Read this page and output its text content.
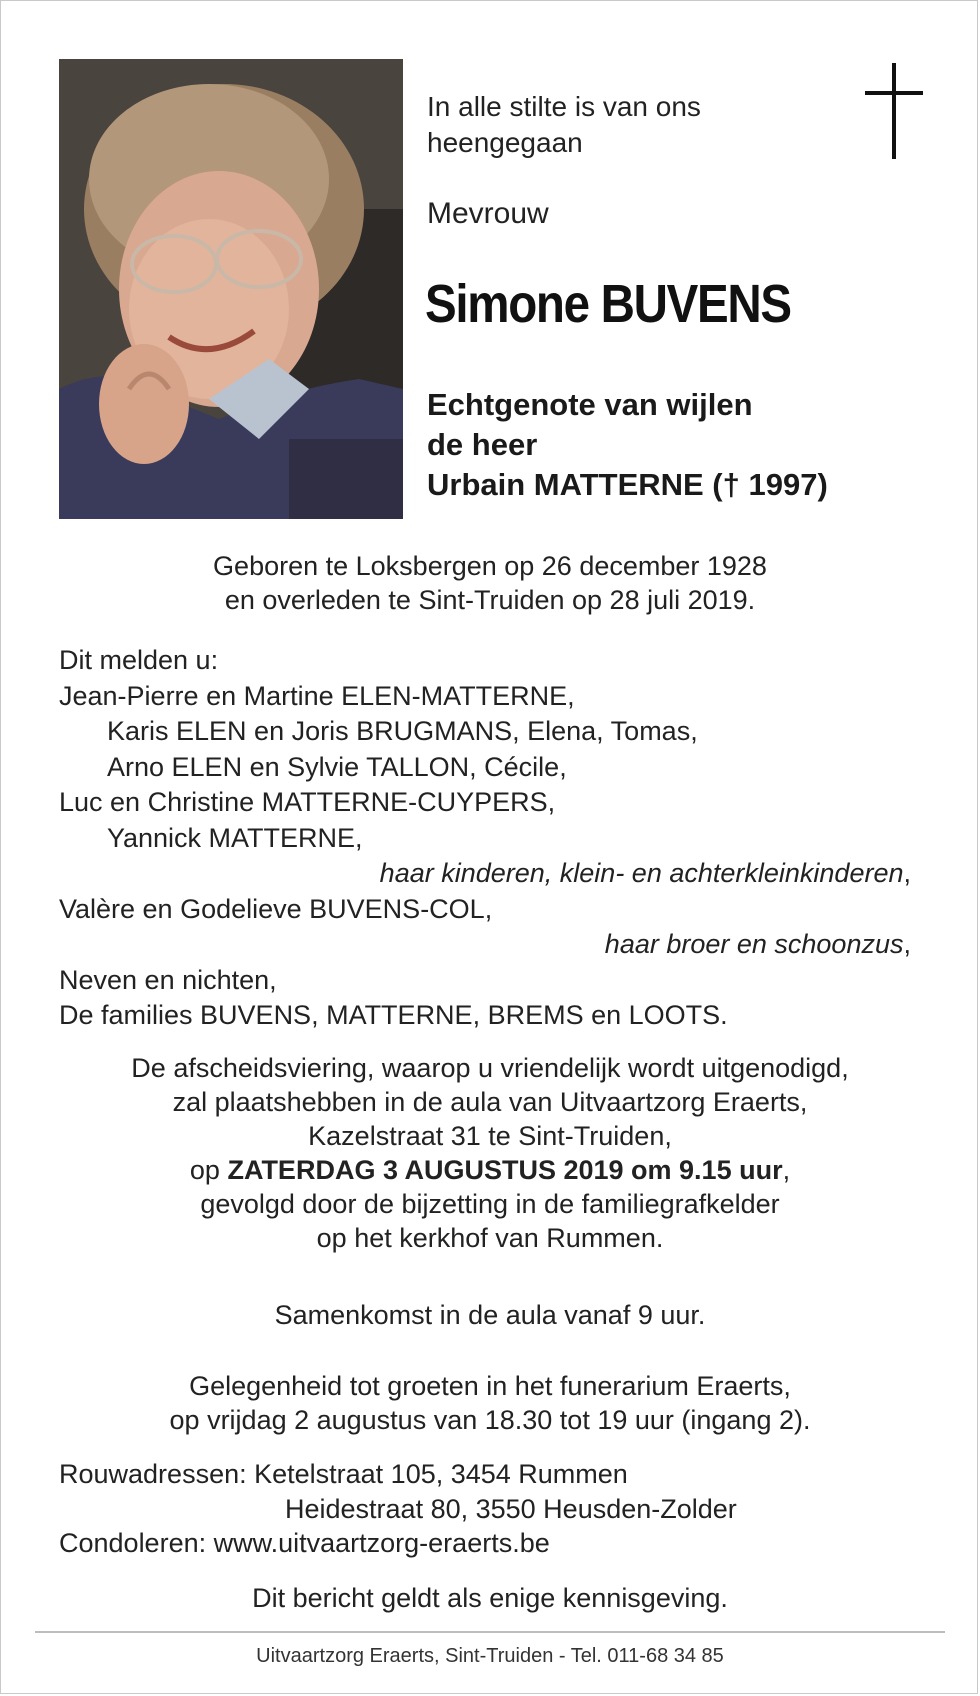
In alle stilte is van ons
heengegaan
Mevrouw
Simone BUVENS
Echtgenote van wijlen
de heer
Urbain MATTERNE († 1997)
Geboren te Loksbergen op 26 december 1928
en overleden te Sint-Truiden op 28 juli 2019.
Dit melden u:
Jean-Pierre en Martine ELEN-MATTERNE,
Karis ELEN en Joris BRUGMANS, Elena, Tomas,
Arno ELEN en Sylvie TALLON, Cécile,
Luc en Christine MATTERNE-CUYPERS,
Yannick MATTERNE,
haar kinderen, klein- en achterkleinkinderen,
Valère en Godelieve BUVENS-COL,
haar broer en schoonzus,
Neven en nichten,
De families BUVENS, MATTERNE, BREMS en LOOTS.
De afscheidsviering, waarop u vriendelijk wordt uitgenodigd,
zal plaatshebben in de aula van Uitvaartzorg Eraerts,
Kazelstraat 31 te Sint-Truiden,
op ZATERDAG 3 AUGUSTUS 2019 om 9.15 uur,
gevolgd door de bijzetting in de familiegrafkelder
op het kerkhof van Rummen.
Samenkomst in de aula vanaf 9 uur.
Gelegenheid tot groeten in het funerarium Eraerts,
op vrijdag 2 augustus van 18.30 tot 19 uur (ingang 2).
Rouwadressen: Ketelstraat 105, 3454 Rummen
Heidestraat 80, 3550 Heusden-Zolder
Condoleren: www.uitvaartzorg-eraerts.be
Dit bericht geldt als enige kennisgeving.
Uitvaartzorg Eraerts, Sint-Truiden - Tel. 011-68 34 85
